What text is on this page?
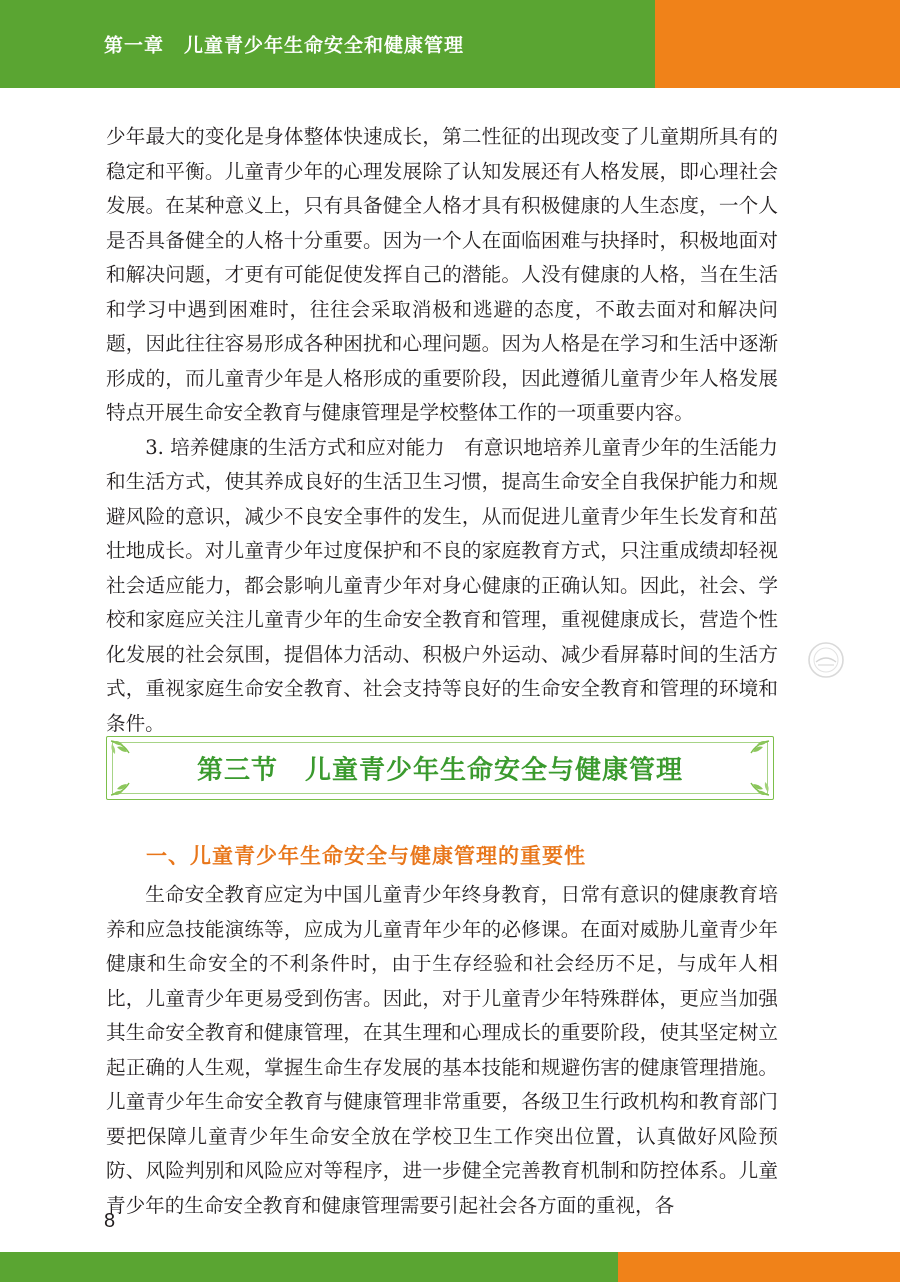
第一章　儿童青少年生命安全和健康管理

少年最大的变化是身体整体快速成长，第二性征的出现改变了儿童期所具有的稳定和平衡。儿童青少年的心理发展除了认知发展还有人格发展，即心理社会发展。在某种意义上，只有具备健全人格才具有积极健康的人生态度，一个人是否具备健全的人格十分重要。因为一个人在面临困难与抉择时，积极地面对和解决问题，才更有可能促使发挥自己的潜能。人没有健康的人格，当在生活和学习中遇到困难时，往往会采取消极和逃避的态度，不敢去面对和解决问题，因此往往容易形成各种困扰和心理问题。因为人格是在学习和生活中逐渐形成的，而儿童青少年是人格形成的重要阶段，因此遵循儿童青少年人格发展特点开展生命安全教育与健康管理是学校整体工作的一项重要内容。

3. 培养健康的生活方式和应对能力　有意识地培养儿童青少年的生活能力和生活方式，使其养成良好的生活卫生习惯，提高生命安全自我保护能力和规避风险的意识，减少不良安全事件的发生，从而促进儿童青少年生长发育和茁壮地成长。对儿童青少年过度保护和不良的家庭教育方式，只注重成绩却轻视社会适应能力，都会影响儿童青少年对身心健康的正确认知。因此，社会、学校和家庭应关注儿童青少年的生命安全教育和管理，重视健康成长，营造个性化发展的社会氛围，提倡体力活动、积极户外运动、减少看屏幕时间的生活方式，重视家庭生命安全教育、社会支持等良好的生命安全教育和管理的环境和条件。

第三节　儿童青少年生命安全与健康管理
一、儿童青少年生命安全与健康管理的重要性

生命安全教育应定为中国儿童青少年终身教育，日常有意识的健康教育培养和应急技能演练等，应成为儿童青年少年的必修课。在面对威胁儿童青少年健康和生命安全的不利条件时，由于生存经验和社会经历不足，与成年人相比，儿童青少年更易受到伤害。因此，对于儿童青少年特殊群体，更应当加强其生命安全教育和健康管理，在其生理和心理成长的重要阶段，使其坚定树立起正确的人生观，掌握生命生存发展的基本技能和规避伤害的健康管理措施。儿童青少年生命安全教育与健康管理非常重要，各级卫生行政机构和教育部门要把保障儿童青少年生命安全放在学校卫生工作突出位置，认真做好风险预防、风险判别和风险应对等程序，进一步健全完善教育机制和防控体系。儿童青少年的生命安全教育和健康管理需要引起社会各方面的重视，各

8
